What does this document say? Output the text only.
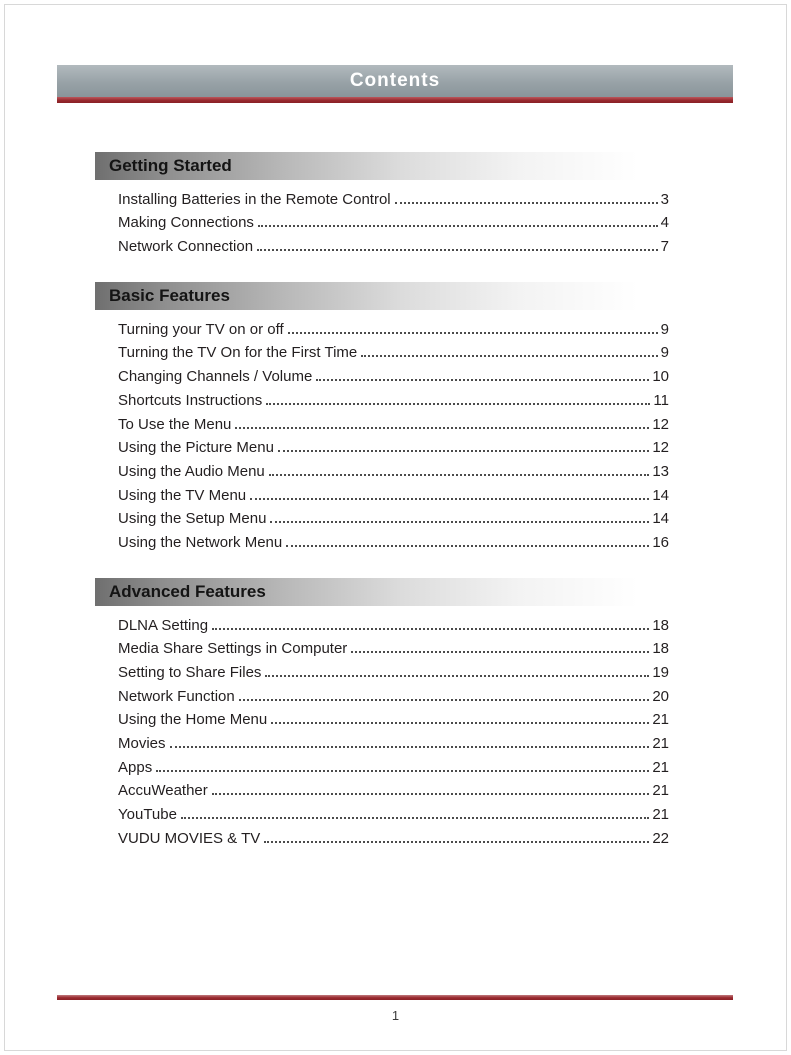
Contents
Getting Started
Installing Batteries in the Remote Control	3
Making Connections	4
Network Connection	7
Basic Features
Turning your TV on or off	9
Turning the TV On for the First Time	9
Changing Channels / Volume	10
Shortcuts Instructions	11
To Use the Menu	12
Using the Picture Menu	12
Using the Audio Menu	13
Using the TV Menu	14
Using the Setup Menu	14
Using the Network Menu	16
Advanced Features
DLNA Setting	18
Media Share Settings in Computer	18
Setting to Share Files	19
Network Function	20
Using the Home Menu	21
Movies	21
Apps	21
AccuWeather	21
YouTube	21
VUDU MOVIES & TV	22
1
